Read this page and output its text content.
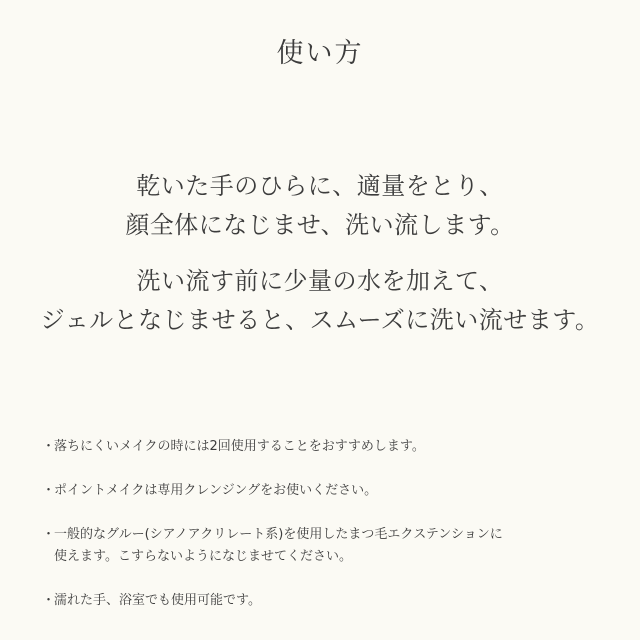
使い方
乾いた手のひらに、適量をとり、
顔全体になじませ、洗い流します。
洗い流す前に少量の水を加えて、
ジェルとなじませると、スムーズに洗い流せます。
・
落ちにくいメイクの時には2回使用することをおすすめします。
・
ポイントメイクは専用クレンジングをお使いください。
・
一般的なグルー(シアノアクリレート系)を使用したまつ毛エクステンションに
使えます。こすらないようになじませてください。
・
濡れた手、浴室でも使用可能です。
